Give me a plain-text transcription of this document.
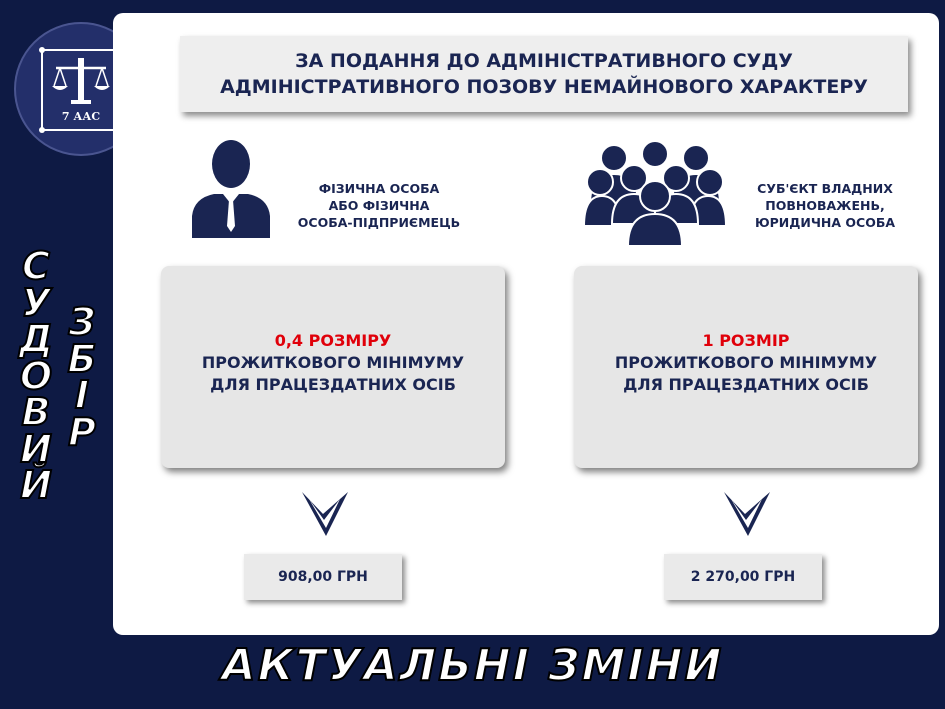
7 ААС
ЗА ПОДАННЯ ДО АДМІНІСТРАТИВНОГО СУДУ
АДМІНІСТРАТИВНОГО ПОЗОВУ НЕМАЙНОВОГО ХАРАКТЕРУ
С
У
Д
О
В
И
Й
З
Б
І
Р
ФІЗИЧНА ОСОБА
АБО ФІЗИЧНА
ОСОБА-ПІДПРИЄМЕЦЬ
СУБ'ЄКТ ВЛАДНИХ
ПОВНОВАЖЕНЬ,
ЮРИДИЧНА ОСОБА
0,4 РОЗМІРУ
ПРОЖИТКОВОГО МІНІМУМУ
ДЛЯ ПРАЦЕЗДАТНИХ ОСІБ
1 РОЗМІР
ПРОЖИТКОВОГО МІНІМУМУ
ДЛЯ ПРАЦЕЗДАТНИХ ОСІБ
908,00 ГРН	2 270,00 ГРН
АКТУАЛЬНІ ЗМІНИ
